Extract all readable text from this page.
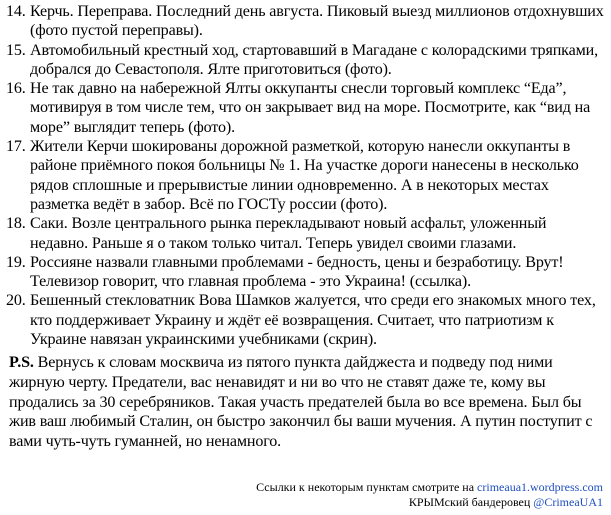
14. Керчь. Переправа. Последний день августа. Пиковый выезд миллионов отдохнувших (фото пустой переправы).
15. Автомобильный крестный ход, стартовавший в Магадане с колорадскими тряпками, добрался до Севастополя. Ялте приготовиться (фото).
16. Не так давно на набережной Ялты оккупанты снесли торговый комплекс “Еда”, мотивируя в том числе тем, что он закрывает вид на море. Посмотрите, как “вид на море” выглядит теперь (фото).
17. Жители Керчи шокированы дорожной разметкой, которую нанесли оккупанты в районе приёмного покоя больницы № 1. На участке дороги нанесены в несколько рядов сплошные и прерывистые линии одновременно. А в некоторых местах разметка ведёт в забор. Всё по ГОСТу россии (фото).
18. Саки. Возле центрального рынка перекладывают новый асфальт, уложенный недавно. Раньше я о таком только читал. Теперь увидел своими глазами.
19. Россияне назвали главными проблемами - бедность, цены и безработицу. Врут! Телевизор говорит, что главная проблема - это Украина! (ссылка).
20. Бешенный стекловатник Вова Шамков жалуется, что среди его знакомых много тех, кто поддерживает Украину и ждёт её возвращения. Считает, что патриотизм к Украине навязан украинскими учебниками (скрин).

P.S. Вернусь к словам москвича из пятого пункта дайджеста и подведу под ними жирную черту. Предатели, вас ненавидят и ни во что не ставят даже те, кому вы продались за 30 серебряников. Такая участь предателей была во все времена. Был бы жив ваш любимый Сталин, он быстро закончил бы ваши мучения. А путин поступит с вами чуть-чуть гуманней, но ненамного.

Ссылки к некоторым пунктам смотрите на crimeaua1.wordpress.com
КРЫМский бандеровец @CrimeaUA1
